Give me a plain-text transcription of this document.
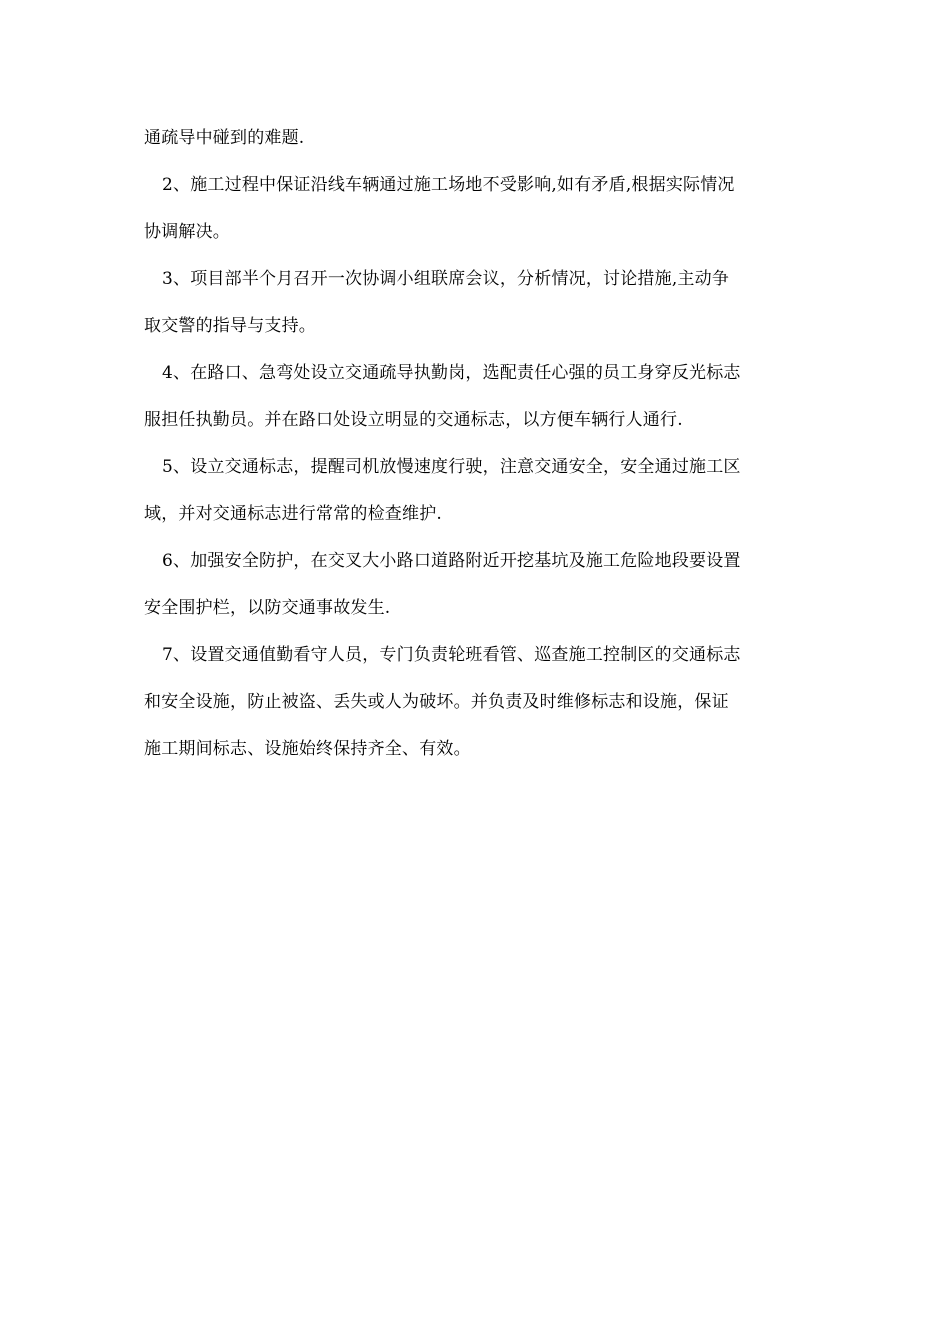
通疏导中碰到的难题.
2、施工过程中保证沿线车辆通过施工场地不受影响,如有矛盾,根据实际情况
协调解决。
3、项目部半个月召开一次协调小组联席会议，分析情况，讨论措施,主动争
取交警的指导与支持。
4、在路口、急弯处设立交通疏导执勤岗，选配责任心强的员工身穿反光标志
服担任执勤员。并在路口处设立明显的交通标志，以方便车辆行人通行.
5、设立交通标志，提醒司机放慢速度行驶，注意交通安全，安全通过施工区
域，并对交通标志进行常常的检查维护.
6、加强安全防护，在交叉大小路口道路附近开挖基坑及施工危险地段要设置
安全围护栏，以防交通事故发生.
7、设置交通值勤看守人员，专门负责轮班看管、巡查施工控制区的交通标志
和安全设施，防止被盗、丢失或人为破坏。并负责及时维修标志和设施，保证
施工期间标志、设施始终保持齐全、有效。
